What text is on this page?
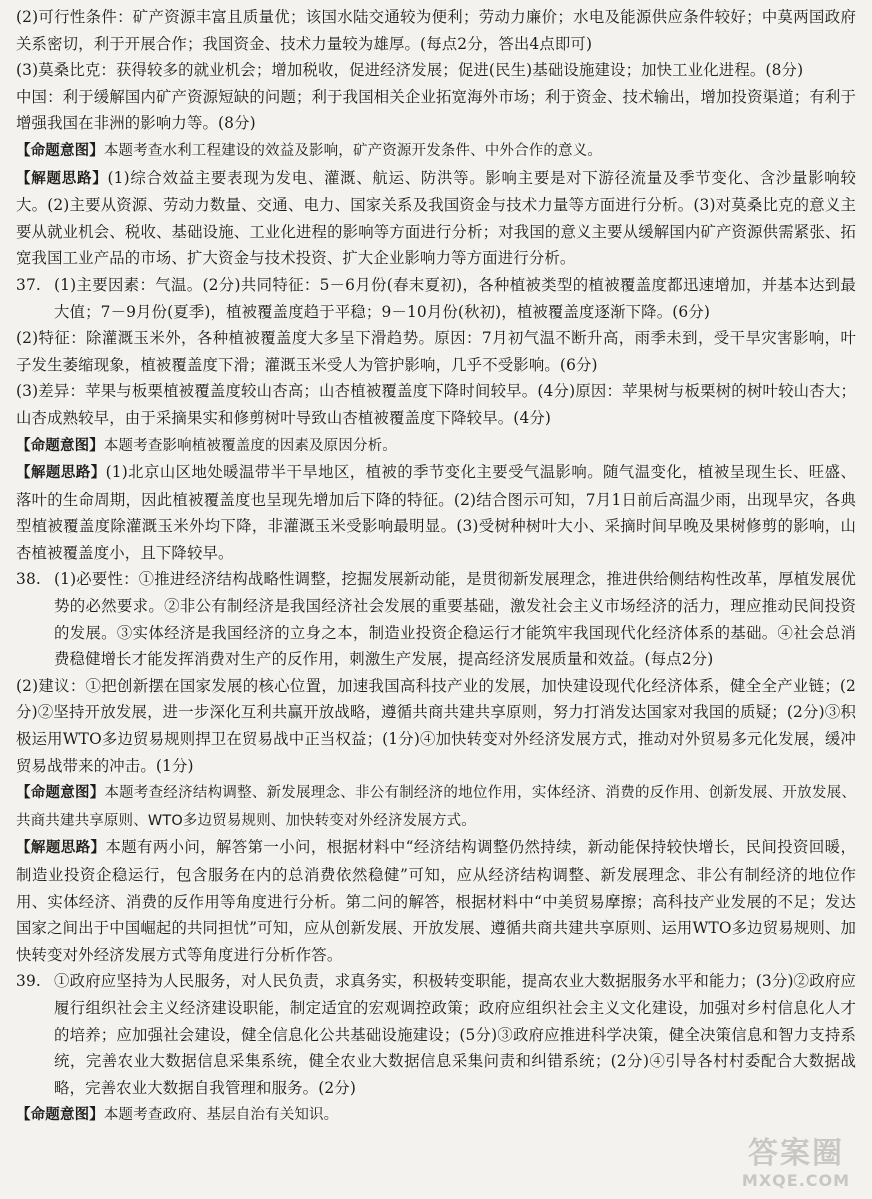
(2)可行性条件：矿产资源丰富且质量优；该国水陆交通较为便利；劳动力廉价；水电及能源供应条件较好；中莫两国政府关系密切，利于开展合作；我国资金、技术力量较为雄厚。(每点2分，答出4点即可)

(3)莫桑比克：获得较多的就业机会；增加税收，促进经济发展；促进(民生)基础设施建设；加快工业化进程。(8分)

中国：利于缓解国内矿产资源短缺的问题；利于我国相关企业拓宽海外市场；利于资金、技术输出，增加投资渠道；有利于增强我国在非洲的影响力等。(8分)

【命题意图】本题考查水利工程建设的效益及影响，矿产资源开发条件、中外合作的意义。

【解题思路】(1)综合效益主要表现为发电、灌溉、航运、防洪等。影响主要是对下游径流量及季节变化、含沙量影响较大。(2)主要从资源、劳动力数量、交通、电力、国家关系及我国资金与技术力量等方面进行分析。(3)对莫桑比克的意义主要从就业机会、税收、基础设施、工业化进程的影响等方面进行分析；对我国的意义主要从缓解国内矿产资源供需紧张、拓宽我国工业产品的市场、扩大资金与技术投资、扩大企业影响力等方面进行分析。

37. (1)主要因素：气温。(2分)共同特征：5－6月份(春末夏初)，各种植被类型的植被覆盖度都迅速增加，并基本达到最大值；7－9月份(夏季)，植被覆盖度趋于平稳；9－10月份(秋初)，植被覆盖度逐渐下降。(6分)

(2)特征：除灌溉玉米外，各种植被覆盖度大多呈下滑趋势。原因：7月初气温不断升高，雨季未到，受干旱灾害影响，叶子发生萎缩现象，植被覆盖度下滑；灌溉玉米受人为管护影响，几乎不受影响。(6分)

(3)差异：苹果与板栗植被覆盖度较山杏高；山杏植被覆盖度下降时间较早。(4分)原因：苹果树与板栗树的树叶较山杏大；山杏成熟较早，由于采摘果实和修剪树叶导致山杏植被覆盖度下降较早。(4分)

【命题意图】本题考查影响植被覆盖度的因素及原因分析。

【解题思路】(1)北京山区地处暖温带半干旱地区，植被的季节变化主要受气温影响。随气温变化，植被呈现生长、旺盛、落叶的生命周期，因此植被覆盖度也呈现先增加后下降的特征。(2)结合图示可知，7月1日前后高温少雨，出现旱灾，各典型植被覆盖度除灌溉玉米外均下降，非灌溉玉米受影响最明显。(3)受树种树叶大小、采摘时间早晚及果树修剪的影响，山杏植被覆盖度小，且下降较早。

38. (1)必要性：①推进经济结构战略性调整，挖掘发展新动能，是贯彻新发展理念，推进供给侧结构性改革，厚植发展优势的必然要求。②非公有制经济是我国经济社会发展的重要基础，激发社会主义市场经济的活力，理应推动民间投资的发展。③实体经济是我国经济的立身之本，制造业投资企稳运行才能筑牢我国现代化经济体系的基础。④社会总消费稳健增长才能发挥消费对生产的反作用，刺激生产发展，提高经济发展质量和效益。(每点2分)

(2)建议：①把创新摆在国家发展的核心位置，加速我国高科技产业的发展，加快建设现代化经济体系，健全全产业链；(2分)②坚持开放发展，进一步深化互利共赢开放战略，遵循共商共建共享原则，努力打消发达国家对我国的质疑；(2分)③积极运用WTO多边贸易规则捍卫在贸易战中正当权益；(1分)④加快转变对外经济发展方式，推动对外贸易多元化发展，缓冲贸易战带来的冲击。(1分)

【命题意图】本题考查经济结构调整、新发展理念、非公有制经济的地位作用，实体经济、消费的反作用、创新发展、开放发展、共商共建共享原则、WTO多边贸易规则、加快转变对外经济发展方式。

【解题思路】本题有两小问，解答第一小问，根据材料中“经济结构调整仍然持续，新动能保持较快增长，民间投资回暖，制造业投资企稳运行，包含服务在内的总消费依然稳健”可知，应从经济结构调整、新发展理念、非公有制经济的地位作用、实体经济、消费的反作用等角度进行分析。第二问的解答，根据材料中“中美贸易摩擦；高科技产业发展的不足；发达国家之间出于中国崛起的共同担忧”可知，应从创新发展、开放发展、遵循共商共建共享原则、运用WTO多边贸易规则、加快转变对外经济发展方式等角度进行分析作答。

39. ①政府应坚持为人民服务，对人民负责，求真务实，积极转变职能，提高农业大数据服务水平和能力；(3分)②政府应履行组织社会主义经济建设职能，制定适宜的宏观调控政策；政府应组织社会主义文化建设，加强对乡村信息化人才的培养；应加强社会建设，健全信息化公共基础设施建设；(5分)③政府应推进科学决策，健全决策信息和智力支持系统，完善农业大数据信息采集系统，健全农业大数据信息采集问责和纠错系统；(2分)④引导各村村委配合大数据战略，完善农业大数据自我管理和服务。(2分)

【命题意图】本题考查政府、基层自治有关知识。

答案圈
MXQE.COM
